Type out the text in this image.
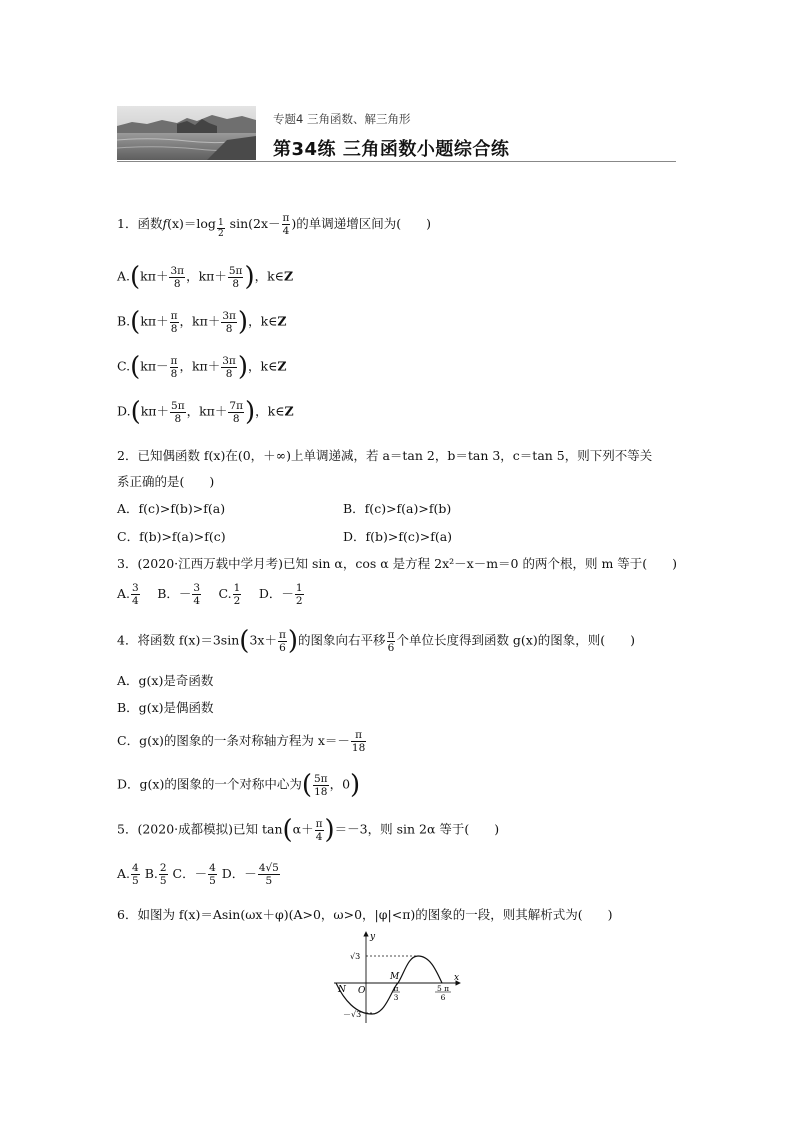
专题4 三角函数、解三角形
第34练 三角函数小题综合练
1．函数$f(x)=\log \frac{1}{2} \sin(2x- \frac{\pi}{4}$ )的单调递增区间为(　　)
$A.(k\pi+ \frac{3\pi}{8}$ ，$k\pi+ \frac{5\pi}{8}$ )，k∈Z
$B.(k\pi+ \frac{\pi}{8}$ ，$k\pi+ \frac{3\pi}{8}$ )，k∈Z
$C.(k\pi- \frac{\pi}{8}$ ，$k\pi+ \frac{3\pi}{8}$ )，k∈Z
$D.(k\pi+ \frac{5\pi}{8}$ ，$k\pi+ \frac{7\pi}{8}$ )，k∈Z
2．已知偶函数 f(x)在(0，＋∞)上单调递减，若 a＝tan 2，b＝tan 3，c＝tan 5，则下列不等关
系正确的是(　　)
A．f(c)>f(b)>f(a)	B．f(c)>f(a)>f(b)
C．f(b)>f(a)>f(c)	D．f(b)>f(c)>f(a)
3．(2020·江西万载中学月考)已知 sin α，cos α 是方程 2x²－x－m＝0 的两个根，则 m 等于(　　)
A. $\frac{3}{4}$ 　B．－ $\frac{3}{4}$ 　C. $\frac{1}{2}$ 　D．－ $\frac{1}{2}$
4．将函数 $f(x)=3\sin(3x+ \frac{\pi}{6}$ )的图象向右平移 $\frac{\pi}{6}$ 个单位长度得到函数 g(x)的图象，则(　　)
A．g(x)是奇函数
B．g(x)是偶函数
C．g(x)的图象的一条对称轴方程为 $x=- \frac{\pi}{18}$
D．g(x)的图象的一个对称中心为( $\frac{5\pi}{18}$ ，0)
5．(2020·成都模拟)已知 $\tan(\alpha+ \frac{\pi}{4} )=-3$，则 sin 2α 等于(　　)
A. $\frac{4}{5} B$. $\frac{2}{5}$ C．－ $\frac{4}{5}$ D．－ $\frac{4√5}{5}$
6．如图为 f(x)＝Asin(ωx＋φ)(A>0，ω>0，|φ|<π)的图象的一段，则其解析式为(　　)
y
x
O
M
N
√3
－√3
π
3
5 π
6
